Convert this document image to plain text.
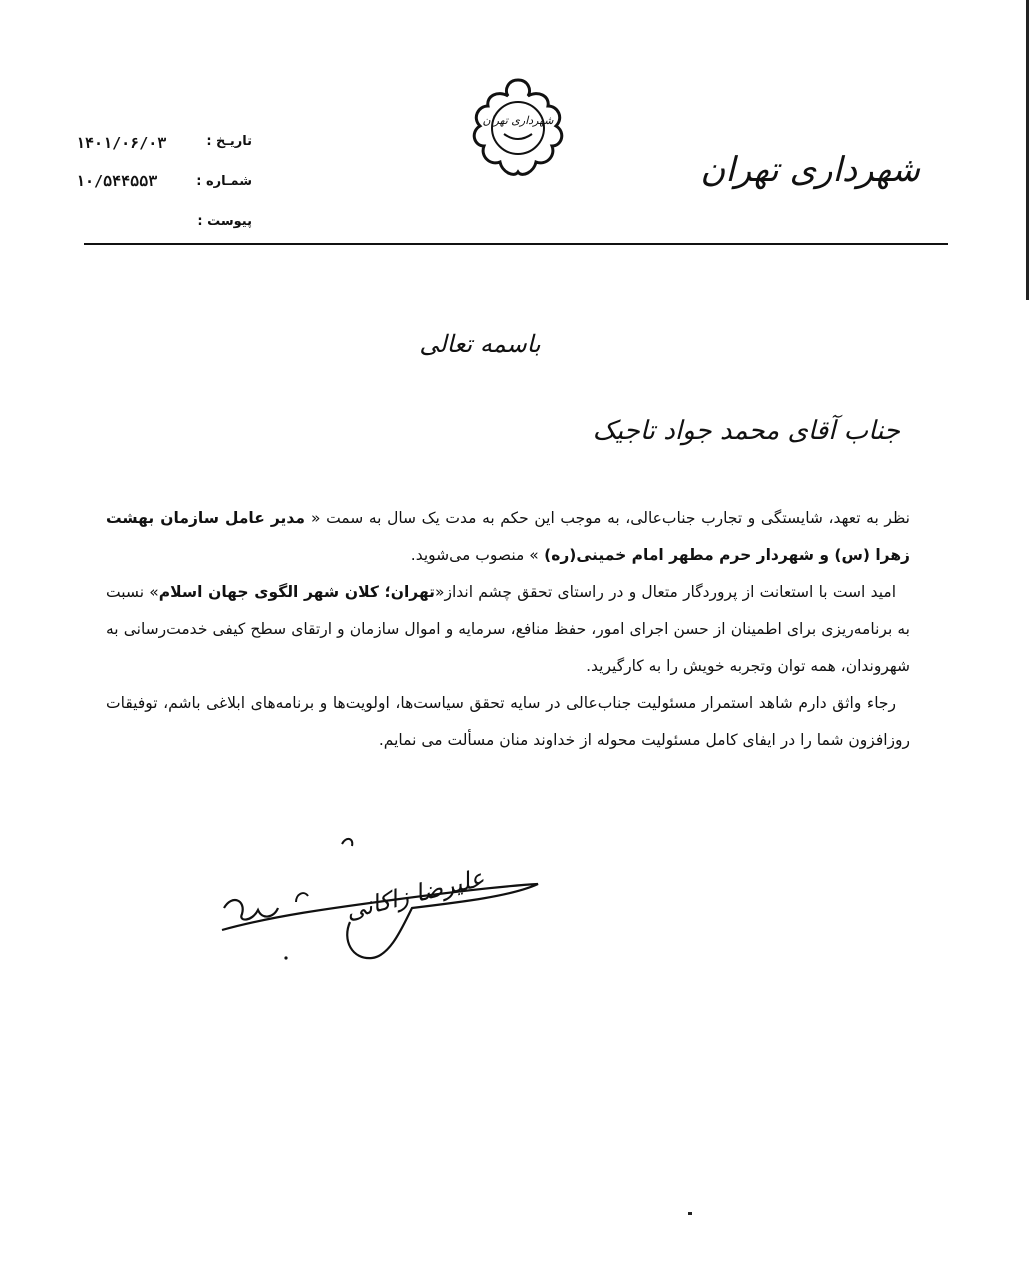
شهرداری تهران
شهرداری تهران
تاریـخ :
۱۴۰۱/۰۶/۰۳
شمـاره :
۱۰/۵۴۴۵۵۳
پیوست :
باسمه تعالی
جناب آقای محمد جواد تاجیک

نظر به تعهد، شایستگی و تجارب جناب‌عالی، به موجب این حکم به مدت یک سال به سمت « مدیر عامل سازمان بهشت زهرا (س) و شهردار حرم مطهر امام خمینی(ره) » منصوب می‌شوید.

امید است با استعانت از پروردگار متعال و در راستای تحقق چشم انداز«تهران؛ کلان شهر الگوی جهان اسلام» نسبت به برنامه‌ریزی برای اطمینان از حسن اجرای امور، حفظ منافع، سرمایه و اموال سازمان و ارتقای سطح کیفی خدمت‌رسانی به شهروندان، همه توان وتجربه خویش را به کارگیرید.

رجاء واثق دارم شاهد استمرار مسئولیت جناب‌عالی در سایه تحقق سیاست‌ها، اولویت‌ها و برنامه‌های ابلاغی باشم، توفیقات روزافزون شما را در ایفای کامل مسئولیت محوله از خداوند منان مسألت می نمایم.

علیرضا زاکانی
